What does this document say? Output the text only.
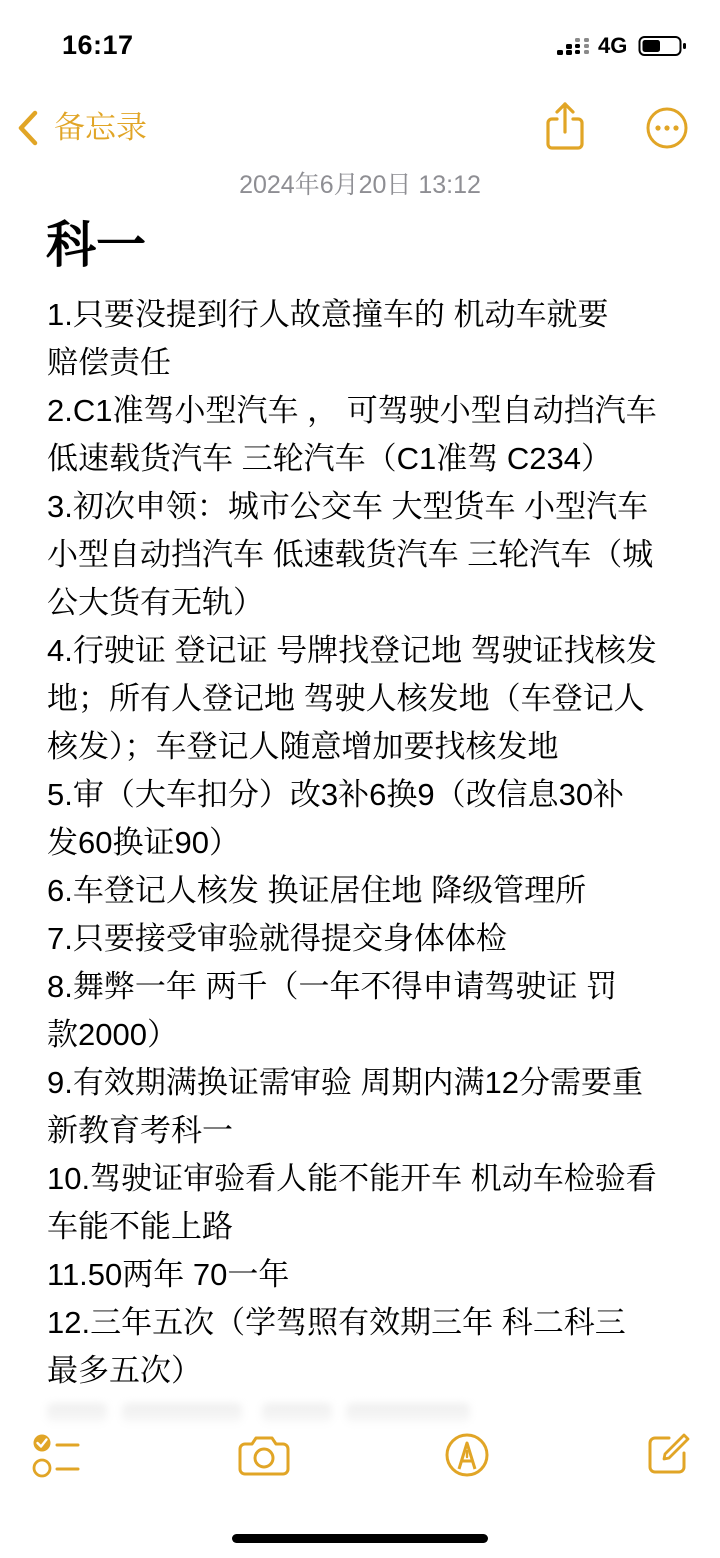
16:17	4G
备忘录
2024年6月20日 13:12
科一
1.只要没提到行人故意撞车的 机动车就要
赔偿责任
2.C1准驾小型汽车 ， 可驾驶小型自动挡汽车
低速载货汽车 三轮汽车（C1准驾 C234）
3.初次申领：城市公交车 大型货车 小型汽车
小型自动挡汽车 低速载货汽车 三轮汽车（城
公大货有无轨）
4.行驶证 登记证 号牌找登记地 驾驶证找核发
地；所有人登记地 驾驶人核发地（车登记人
核发）；车登记人随意增加要找核发地
5.审（大车扣分）改3补6换9（改信息30补
发60换证90）
6.车登记人核发 换证居住地 降级管理所
7.只要接受审验就得提交身体体检
8.舞弊一年 两千（一年不得申请驾驶证 罚
款2000）
9.有效期满换证需审验 周期内满12分需要重
新教育考科一
10.驾驶证审验看人能不能开车 机动车检验看
车能不能上路
11.50两年 70一年
12.三年五次（学驾照有效期三年 科二科三
最多五次）
